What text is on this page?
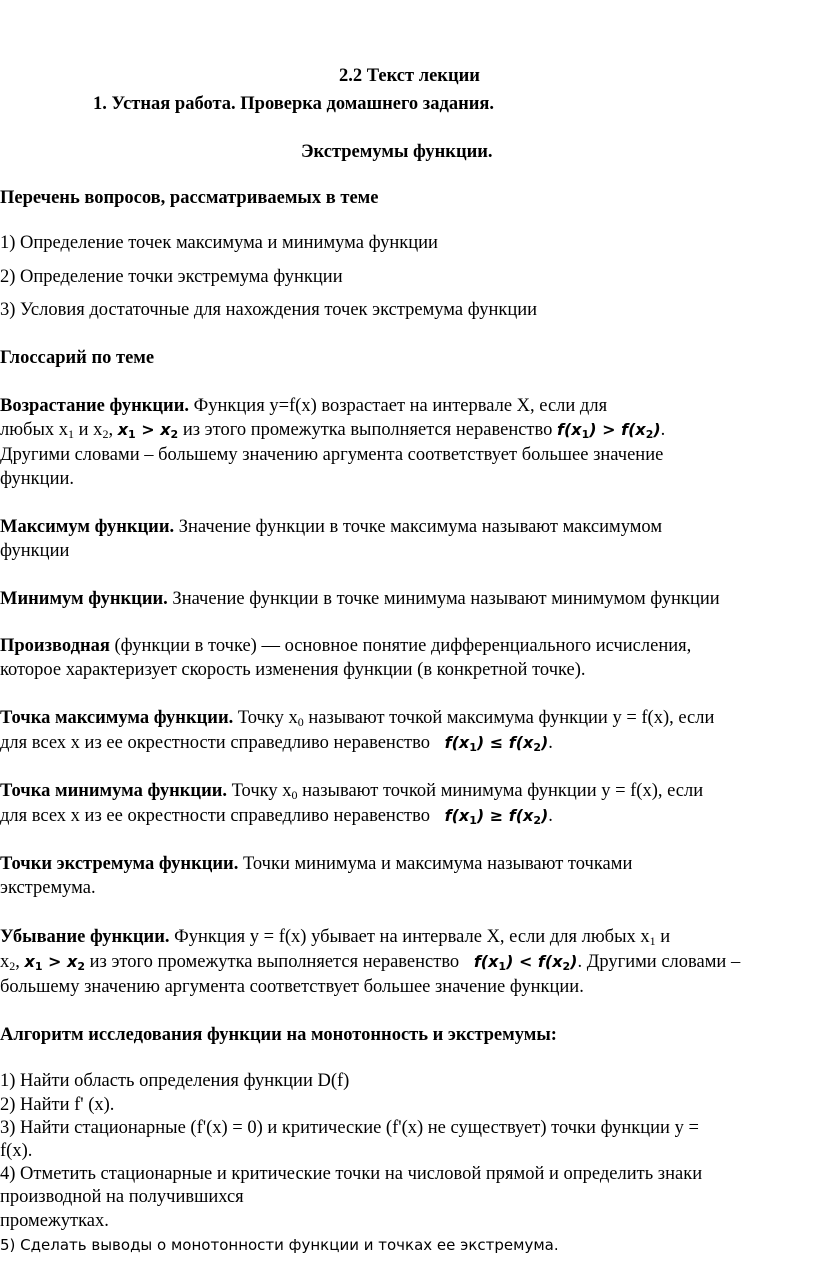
2.2 Текст лекции
1. Устная работа. Проверка домашнего задания.
Экстремумы функции.
Перечень вопросов, рассматриваемых в теме
1) Определение точек максимума и минимума функции
2) Определение точки экстремума функции
3) Условия достаточные для нахождения точек экстремума функции
Глоссарий по теме
Возрастание функции. Функция y=f(x) возрастает на интервале X, если для
любых $x_1$ и $x_2$, x1 > x2 из этого промежутка выполняется неравенство f(x1) > f(x2).
Другими словами – большему значению аргумента соответствует большее значение
функции.
Максимум функции. Значение функции в точке максимума называют максимумом
функции
Минимум функции. Значение функции в точке минимума называют минимумом функции
Производная (функции в точке) — основное понятие дифференциального исчисления,
которое характеризует скорость изменения функции (в конкретной точке).
Точка максимума функции. Точку $x_0$ называют точкой максимума функции y = f(x), если
для всех x из ее окрестности справедливо неравенство f(x1) ≤ f(x2).
Точка минимума функции. Точку $x_0$ называют точкой минимума функции y = f(x), если
для всех x из ее окрестности справедливо неравенство f(x1) ≥ f(x2).
Точки экстремума функции. Точки минимума и максимума называют точками
экстремума.
Убывание функции. Функция y = f(x) убывает на интервале X, если для любых $x_1$ и
$x_2$, x1 > x2 из этого промежутка выполняется неравенство f(x1) < f(x2). Другими словами –
большему значению аргумента соответствует большее значение функции.
Алгоритм исследования функции на монотонность и экстремумы:
1) Найти область определения функции D(f)
2) Найти f' (x).
3) Найти стационарные (f'(x) = 0) и критические (f'(x) не существует) точки функции y =
f(x).
4) Отметить стационарные и критические точки на числовой прямой и определить знаки
производной на получившихся
промежутках.
5) Сделать выводы о монотонности функции и точках ее экстремума.
